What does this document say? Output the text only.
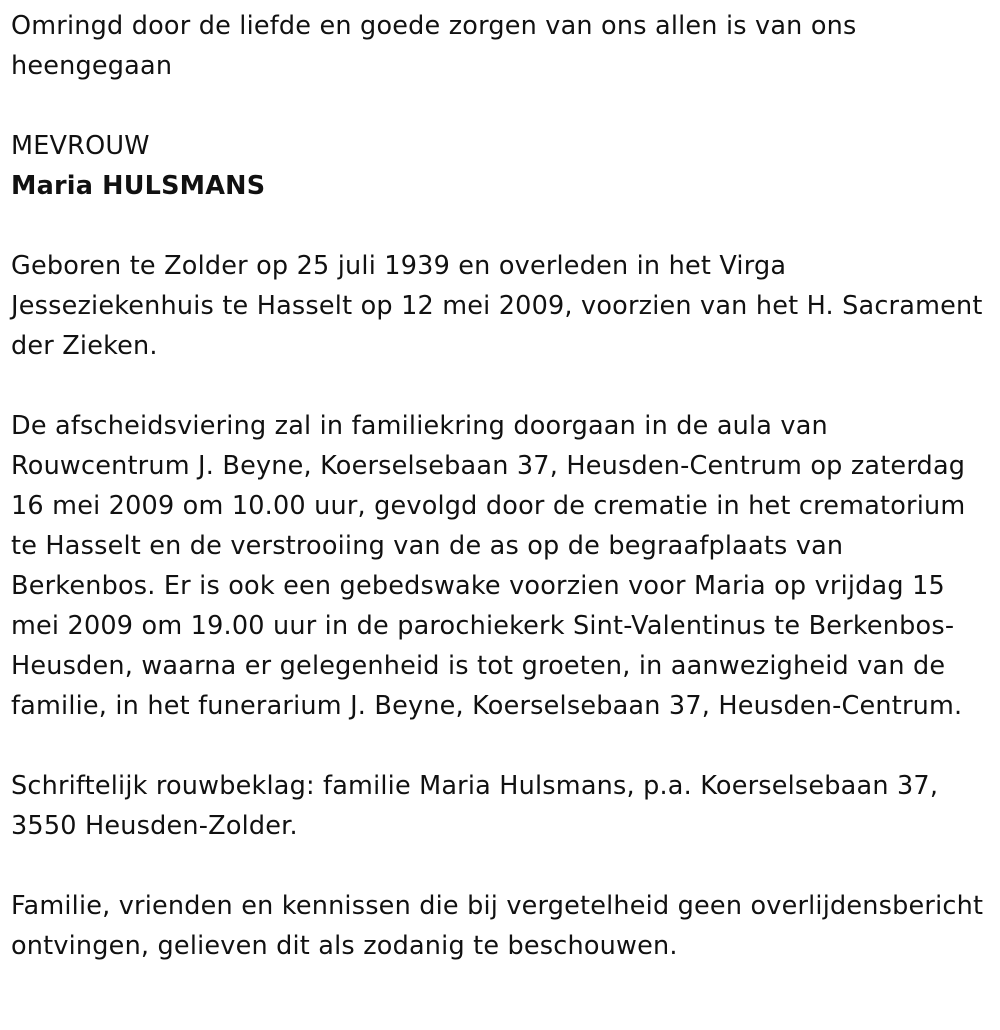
Omringd door de liefde en goede zorgen van ons allen is van ons heengegaan

MEVROUW

Maria HULSMANS

Geboren te Zolder op 25 juli 1939 en overleden in het Virga Jesseziekenhuis te Hasselt op 12 mei 2009, voorzien van het H. Sacrament der Zieken.

De afscheidsviering zal in familiekring doorgaan in de aula van Rouwcentrum J. Beyne, Koerselsebaan 37, Heusden-Centrum op zaterdag 16 mei 2009 om 10.00 uur, gevolgd door de crematie in het crematorium te Hasselt en de verstrooiing van de as op de begraafplaats van Berkenbos. Er is ook een gebedswake voorzien voor Maria op vrijdag 15 mei 2009 om 19.00 uur in de parochiekerk Sint-Valentinus te Berkenbos-Heusden, waarna er gelegenheid is tot groeten, in aanwezigheid van de familie, in het funerarium J. Beyne, Koerselsebaan 37, Heusden-Centrum.

Schriftelijk rouwbeklag: familie Maria Hulsmans, p.a. Koerselsebaan 37, 3550 Heusden-Zolder.

Familie, vrienden en kennissen die bij vergetelheid geen overlijdensbericht ontvingen, gelieven dit als zodanig te beschouwen.
